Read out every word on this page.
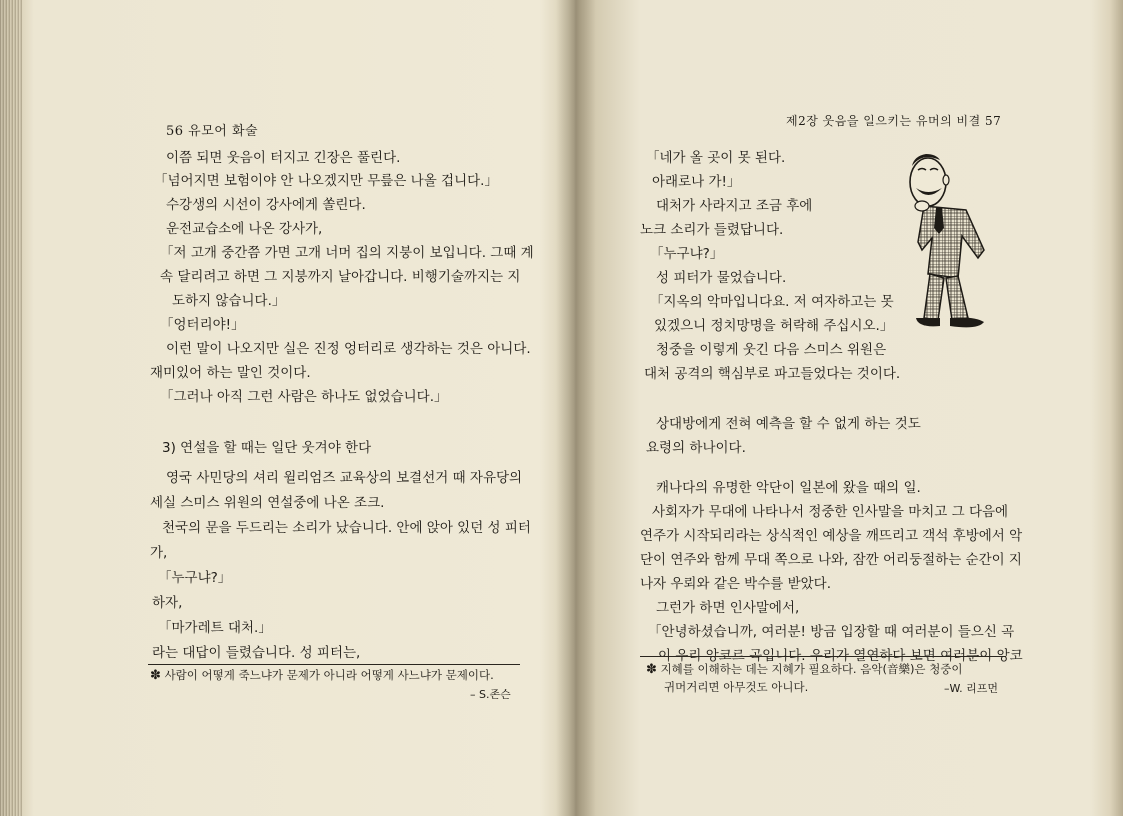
56 유모어 화술
이쯤 되면 웃음이 터지고 긴장은 풀린다.
「넘어지면 보험이야 안 나오겠지만 무릎은 나올 겁니다.」
수강생의 시선이 강사에게 쏠린다.
운전교습소에 나온 강사가,
「저 고개 중간쯤 가면 고개 너머 집의 지붕이 보입니다. 그때 계
속 달리려고 하면 그 지붕까지 날아갑니다. 비행기술까지는 지
도하지 않습니다.」
「엉터리야!」
이런 말이 나오지만 실은 진정 엉터리로 생각하는 것은 아니다.
재미있어 하는 말인 것이다.
「그러나 아직 그런 사람은 하나도 없었습니다.」
3) 연설을 할 때는 일단 웃겨야 한다
영국 사민당의 셔리 윌리엄즈 교육상의 보결선거 때 자유당의
세실 스미스 위원의 연설중에 나온 조크.
천국의 문을 두드리는 소리가 났습니다. 안에 앉아 있던 성 피터
가,
「누구냐?」
하자,
「마가레트 대처.」
라는 대답이 들렸습니다. 성 피터는,
✽ 사람이 어떻게 죽느냐가 문제가 아니라 어떻게 사느냐가 문제이다.
– S.존슨
제2장 웃음을 일으키는 유머의 비결 57
「네가 올 곳이 못 된다.
아래로나 가!」
대처가 사라지고 조금 후에
노크 소리가 들렸답니다.
「누구냐?」
성 피터가 물었습니다.
「지옥의 악마입니다요. 저 여자하고는 못
있겠으니 정치망명을 허락해 주십시오.」
청중을 이렇게 웃긴 다음 스미스 위원은
대처 공격의 핵심부로 파고들었다는 것이다.
상대방에게 전혀 예측을 할 수 없게 하는 것도
요령의 하나이다.
캐나다의 유명한 악단이 일본에 왔을 때의 일.
사회자가 무대에 나타나서 정중한 인사말을 마치고 그 다음에
연주가 시작되리라는 상식적인 예상을 깨뜨리고 객석 후방에서 악
단이 연주와 함께 무대 쪽으로 나와, 잠깐 어리둥절하는 순간이 지
나자 우뢰와 같은 박수를 받았다.
그런가 하면 인사말에서,
「안녕하셨습니까, 여러분! 방금 입장할 때 여러분이 들으신 곡
이 우리 앙코르 곡입니다. 우리가 열연하다 보면 여러분이 앙코
✽ 지혜를 이해하는 데는 지혜가 필요하다. 음악(音樂)은 청중이
귀머거리면 아무것도 아니다.	–W. 리프먼
